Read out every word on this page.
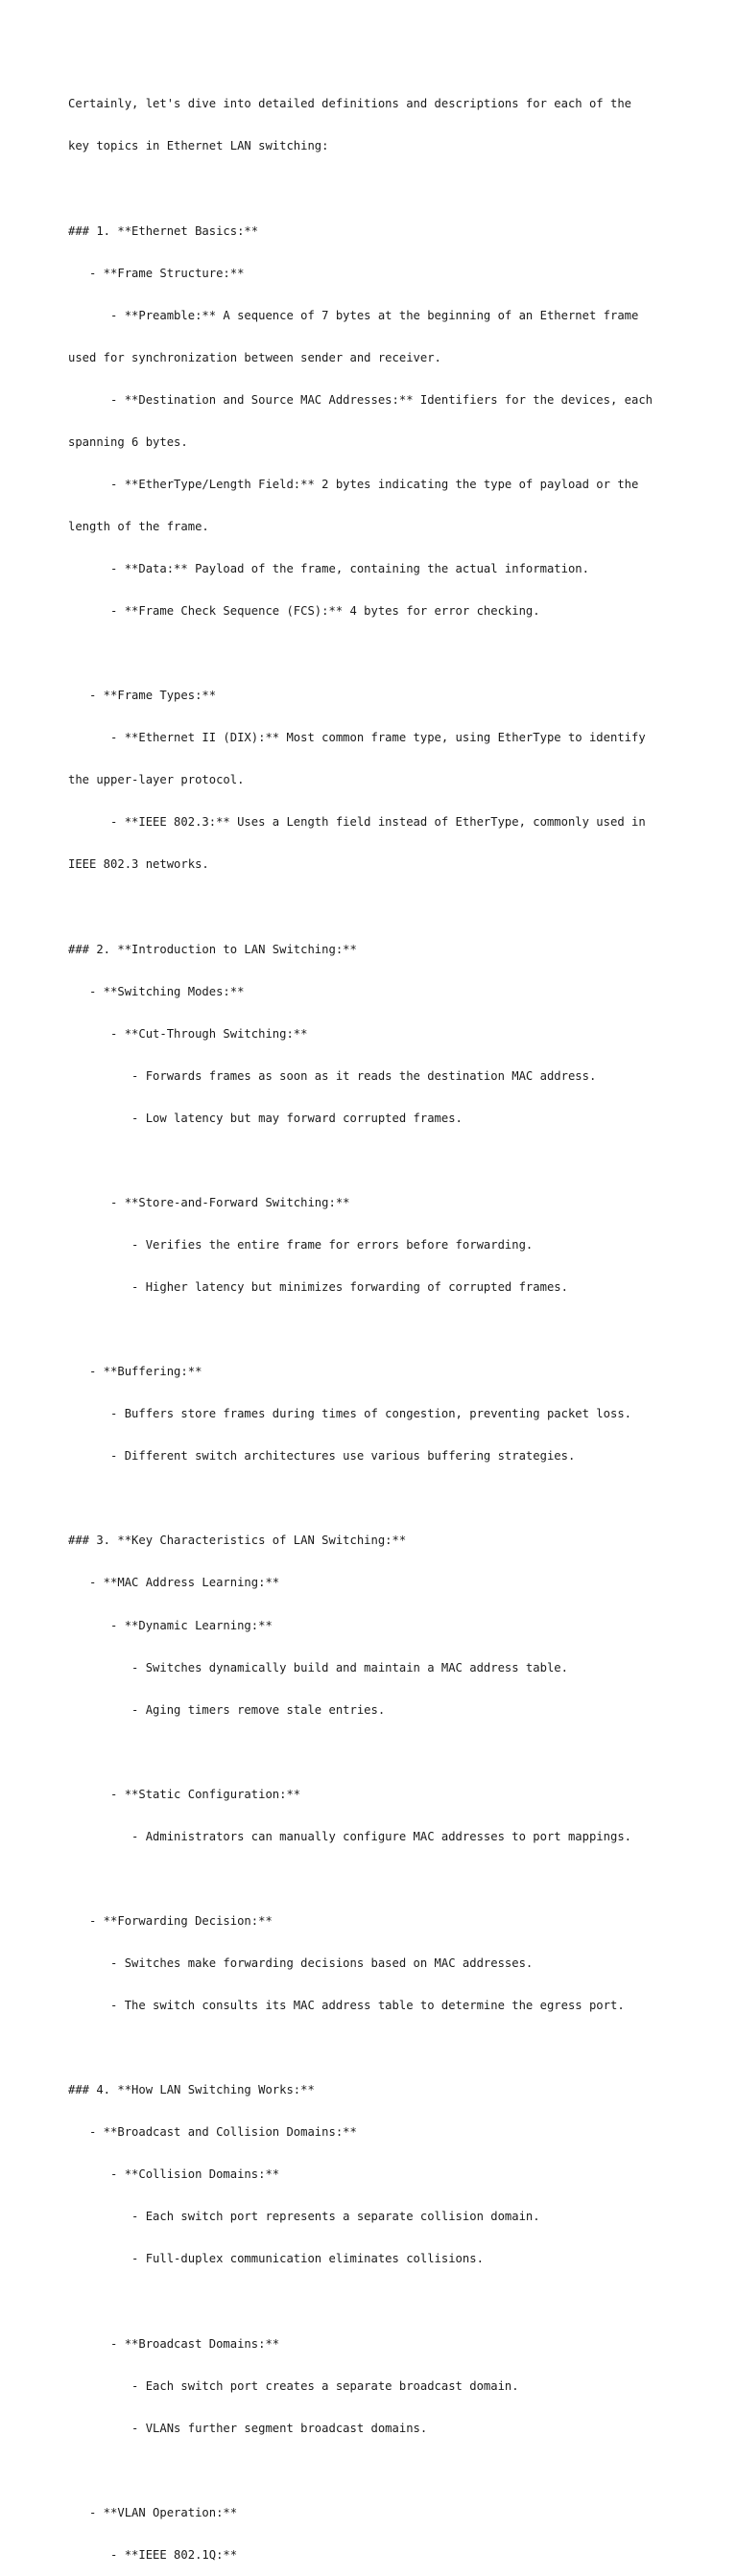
Certainly, let's dive into detailed definitions and descriptions for each of the

key topics in Ethernet LAN switching:

### 1. **Ethernet Basics:**

- **Frame Structure:**

- **Preamble:** A sequence of 7 bytes at the beginning of an Ethernet frame

used for synchronization between sender and receiver.

- **Destination and Source MAC Addresses:** Identifiers for the devices, each

spanning 6 bytes.

- **EtherType/Length Field:** 2 bytes indicating the type of payload or the

length of the frame.

- **Data:** Payload of the frame, containing the actual information.

- **Frame Check Sequence (FCS):** 4 bytes for error checking.

- **Frame Types:**

- **Ethernet II (DIX):** Most common frame type, using EtherType to identify

the upper-layer protocol.

- **IEEE 802.3:** Uses a Length field instead of EtherType, commonly used in

IEEE 802.3 networks.

### 2. **Introduction to LAN Switching:**

- **Switching Modes:**

- **Cut-Through Switching:**

- Forwards frames as soon as it reads the destination MAC address.

- Low latency but may forward corrupted frames.

- **Store-and-Forward Switching:**

- Verifies the entire frame for errors before forwarding.

- Higher latency but minimizes forwarding of corrupted frames.

- **Buffering:**

- Buffers store frames during times of congestion, preventing packet loss.

- Different switch architectures use various buffering strategies.

### 3. **Key Characteristics of LAN Switching:**

- **MAC Address Learning:**

- **Dynamic Learning:**

- Switches dynamically build and maintain a MAC address table.

- Aging timers remove stale entries.

- **Static Configuration:**

- Administrators can manually configure MAC addresses to port mappings.

- **Forwarding Decision:**

- Switches make forwarding decisions based on MAC addresses.

- The switch consults its MAC address table to determine the egress port.

### 4. **How LAN Switching Works:**

- **Broadcast and Collision Domains:**

- **Collision Domains:**

- Each switch port represents a separate collision domain.

- Full-duplex communication eliminates collisions.

- **Broadcast Domains:**

- Each switch port creates a separate broadcast domain.

- VLANs further segment broadcast domains.

- **VLAN Operation:**

- **IEEE 802.1Q:**
